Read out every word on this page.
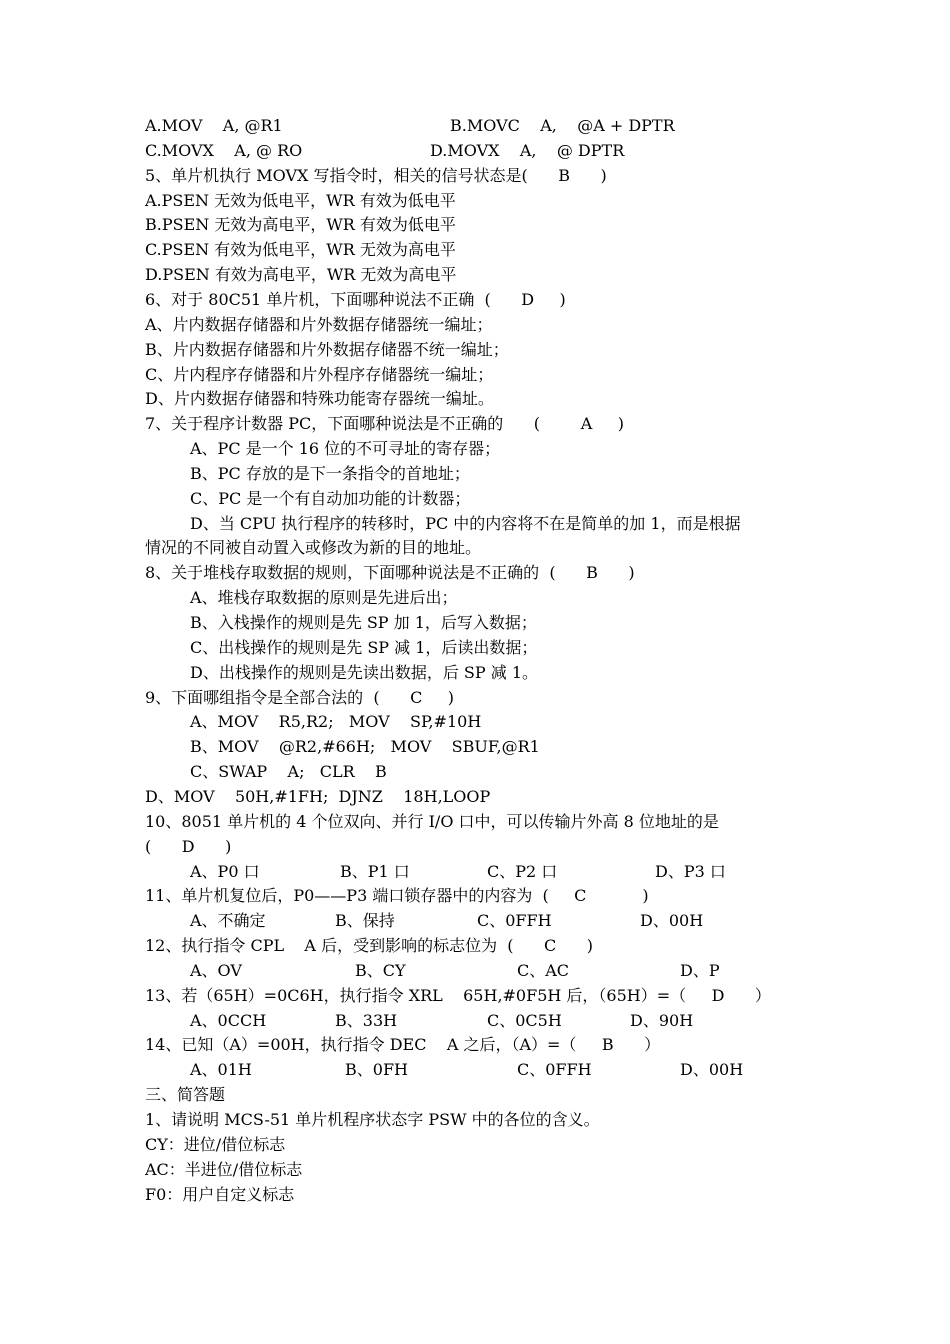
A.MOV    A, @R1	B.MOVC    A,    @A + DPTR
C.MOVX    A, @ RO	D.MOVX    A,    @ DPTR
5、单片机执行 MOVX 写指令时，相关的信号状态是(      B      )
A.PSEN 无效为低电平，WR 有效为低电平
B.PSEN 无效为高电平，WR 有效为低电平
C.PSEN 有效为低电平，WR 无效为高电平
D.PSEN 有效为高电平，WR 无效为高电平
6、对于 80C51 单片机，下面哪种说法不正确  (      D     )
A、片内数据存储器和片外数据存储器统一编址；
B、片内数据存储器和片外数据存储器不统一编址；
C、片内程序存储器和片外程序存储器统一编址；
D、片内数据存储器和特殊功能寄存器统一编址。
7、关于程序计数器 PC，下面哪种说法是不正确的      (        A     )
A、PC 是一个 16 位的不可寻址的寄存器；
B、PC 存放的是下一条指令的首地址；
C、PC 是一个有自动加功能的计数器；
D、当 CPU 执行程序的转移时，PC 中的内容将不在是简单的加 1，而是根据
情况的不同被自动置入或修改为新的目的地址。
8、关于堆栈存取数据的规则，下面哪种说法是不正确的  (      B      )
A、堆栈存取数据的原则是先进后出；
B、入栈操作的规则是先 SP 加 1，后写入数据；
C、出栈操作的规则是先 SP 减 1，后读出数据；
D、出栈操作的规则是先读出数据，后 SP 减 1。
9、下面哪组指令是全部合法的  (      C     )
A、MOV    R5,R2;   MOV    SP,#10H
B、MOV    @R2,#66H;   MOV    SBUF,@R1
C、SWAP    A;   CLR    B
D、MOV    50H,#1FH;  DJNZ    18H,LOOP
10、8051 单片机的 4 个位双向、并行 I/O 口中，可以传输片外高 8 位地址的是
(      D      )
A、P0 口	B、P1 口	C、P2 口	D、P3 口
11、单片机复位后，P0——P3 端口锁存器中的内容为  (     C           )
A、不确定	B、保持	C、0FFH	D、00H
12、执行指令 CPL    A 后，受到影响的标志位为  (      C      )
A、OV	B、CY	C、AC	D、P
13、若（65H）=0C6H，执行指令 XRL    65H,#0F5H 后，（65H）=（     D      ）
A、0CCH	B、33H	C、0C5H	D、90H
14、已知（A）=00H，执行指令 DEC    A 之后，（A）=（     B      ）
A、01H	B、0FH	C、0FFH	D、00H
三、简答题
1、请说明 MCS-51 单片机程序状态字 PSW 中的各位的含义。
CY：进位/借位标志
AC：半进位/借位标志
F0：用户自定义标志
